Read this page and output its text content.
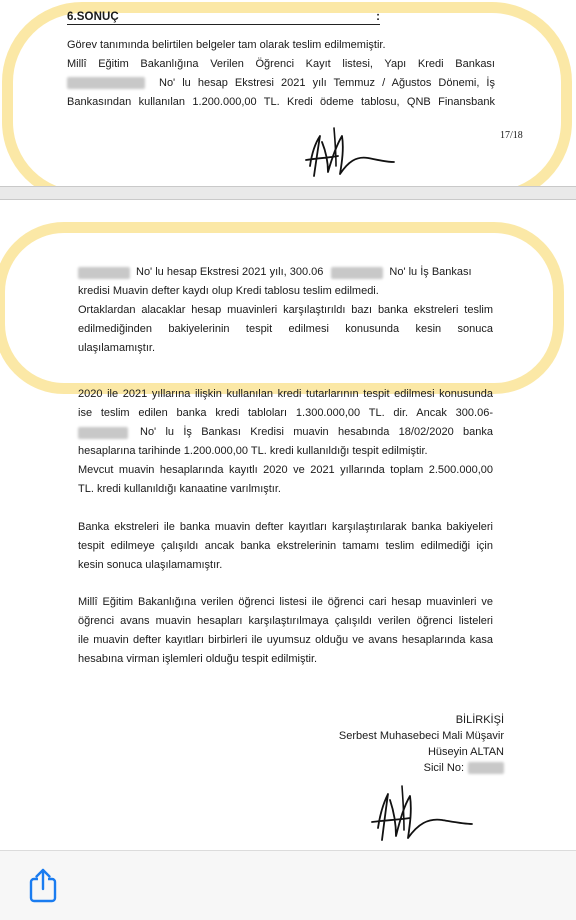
6.SONUÇ	:
Görev tanımında belirtilen belgeler tam olarak teslim edilmemiştir.
Millî Eğitim Bakanlığına Verilen Öğrenci Kayıt listesi, Yapı Kredi Bankası
No' lu hesap Ekstresi 2021 yılı Temmuz / Ağustos Dönemi, İş
Bankasından kullanılan 1.200.000,00 TL. Kredi ödeme tablosu, QNB Finansbank
17/18
No' lu hesap Ekstresi 2021 yılı, 300.06	No' lu İş Bankası
kredisi Muavin defter kaydı olup Kredi tablosu teslim edilmedi.
Ortaklardan alacaklar hesap muavinleri karşılaştırıldı bazı banka ekstreleri teslim
edilmediğinden bakiyelerinin tespit edilmesi konusunda kesin sonuca
ulaşılamamıştır.
2020 ile 2021 yıllarına ilişkin kullanılan kredi tutarlarının tespit edilmesi konusunda
ise teslim edilen banka kredi tabloları 1.300.000,00 TL. dir. Ancak 300.06-
No' lu İş Bankası Kredisi muavin hesabında 18/02/2020 banka
hesaplarına tarihinde 1.200.000,00 TL. kredi kullanıldığı tespit edilmiştir.
Mevcut muavin hesaplarında kayıtlı 2020 ve 2021 yıllarında toplam 2.500.000,00
TL. kredi kullanıldığı kanaatine varılmıştır.
Banka ekstreleri ile banka muavin defter kayıtları karşılaştırılarak banka bakiyeleri
tespit edilmeye çalışıldı ancak banka ekstrelerinin tamamı teslim edilmediği için
kesin sonuca ulaşılamamıştır.
Millî Eğitim Bakanlığına verilen öğrenci listesi ile öğrenci cari hesap muavinleri ve
öğrenci avans muavin hesapları karşılaştırılmaya çalışıldı verilen öğrenci listeleri
ile muavin defter kayıtları birbirleri ile uyumsuz olduğu ve avans hesaplarında kasa
hesabına virman işlemleri olduğu tespit edilmiştir.
BİLİRKİŞİ
Serbest Muhasebeci Mali Müşavir
Hüseyin ALTAN
Sicil No:
